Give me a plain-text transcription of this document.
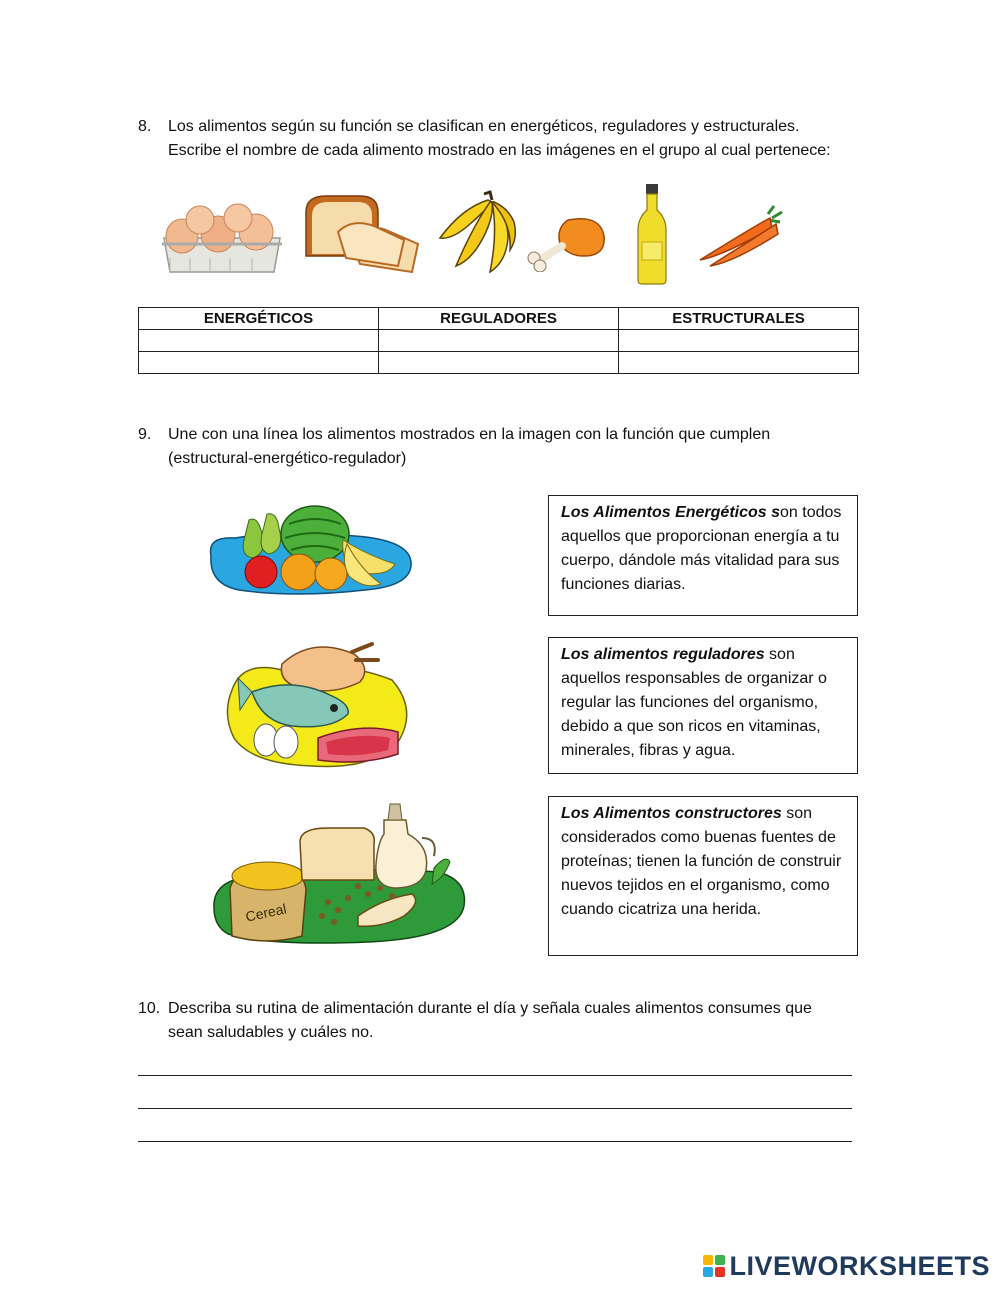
8.	Los alimentos según su función se clasifican en energéticos, reguladores y estructurales.
Escribe el nombre de cada alimento mostrado en las imágenes en el grupo al cual pertenece:
ENERGÉTICOS	REGULADORES	ESTRUCTURALES

9.	Une con una línea los alimentos mostrados en la imagen con la función que cumplen
(estructural-energético-regulador)
Cereal
Los Alimentos Energéticos son todos aquellos que proporcionan energía a tu cuerpo, dándole más vitalidad para sus funciones diarias.
Los alimentos reguladores son aquellos responsables de organizar o regular las funciones del organismo, debido a que son ricos en vitaminas, minerales, fibras y agua.
Los Alimentos constructores son considerados como buenas fuentes de proteínas; tienen la función de construir nuevos tejidos en el organismo, como cuando cicatriza una herida.
10. Describa su rutina de alimentación durante el día y señala cuales alimentos consumes que
sean saludables y cuáles no.
LIVEWORKSHEETS
